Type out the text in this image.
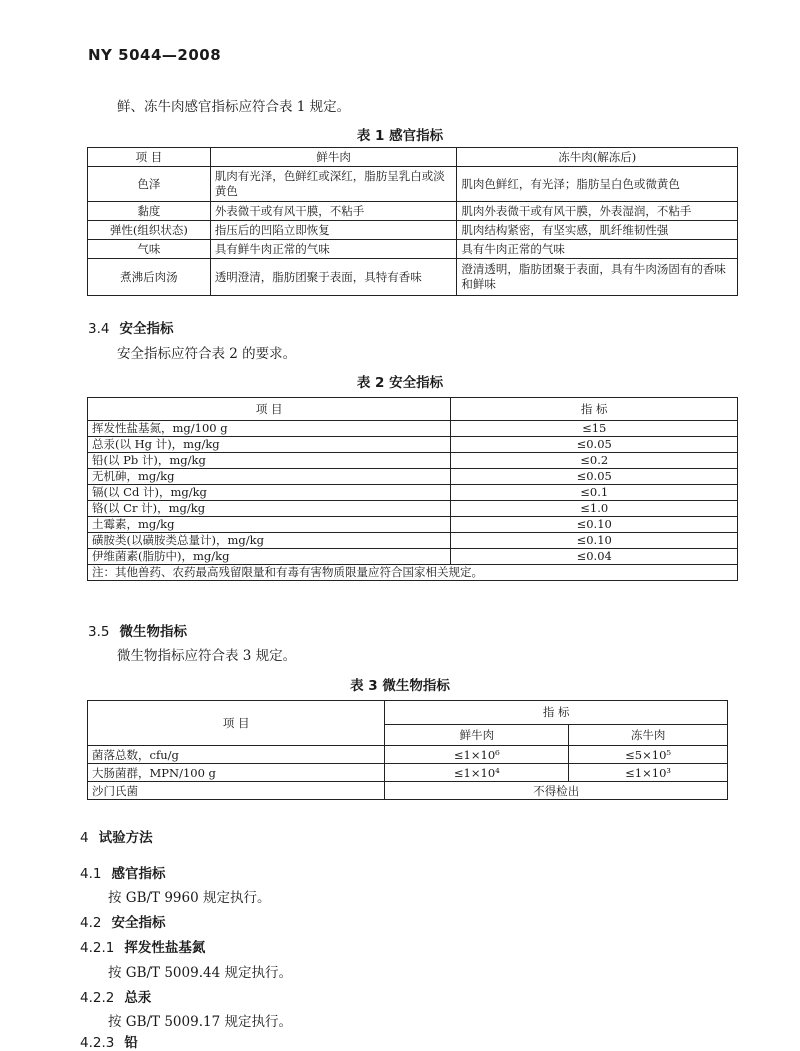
NY 5044—2008
鲜、冻牛肉感官指标应符合表 1 规定。
表 1 感官指标
项 目	鲜牛肉	冻牛肉(解冻后)
色泽	肌肉有光泽，色鲜红或深红，脂肪呈乳白或淡黄色	肌肉色鲜红，有光泽；脂肪呈白色或微黄色
黏度	外表微干或有风干膜，不粘手	肌肉外表微干或有风干膜，外表湿润，不粘手
弹性(组织状态)	指压后的凹陷立即恢复	肌肉结构紧密，有坚实感，肌纤维韧性强
气味	具有鲜牛肉正常的气味	具有牛肉正常的气味
煮沸后肉汤	透明澄清，脂肪团聚于表面，具特有香味	澄清透明，脂肪团聚于表面，具有牛肉汤固有的香味和鲜味
3.4 安全指标
安全指标应符合表 2 的要求。
表 2 安全指标
项 目	指 标
挥发性盐基氮，mg/100 g	≤15
总汞(以 Hg 计)，mg/kg	≤0.05
铅(以 Pb 计)，mg/kg	≤0.2
无机砷，mg/kg	≤0.05
镉(以 Cd 计)，mg/kg	≤0.1
铬(以 Cr 计)，mg/kg	≤1.0
土霉素，mg/kg	≤0.10
磺胺类(以磺胺类总量计)，mg/kg	≤0.10
伊维菌素(脂肪中)，mg/kg	≤0.04
注：其他兽药、农药最高残留限量和有毒有害物质限量应符合国家相关规定。	
3.5 微生物指标
微生物指标应符合表 3 规定。
表 3 微生物指标
项 目	指 标	
	鲜牛肉	冻牛肉
菌落总数，cfu/g	≤1×10⁶	≤5×10⁵
大肠菌群，MPN/100 g	≤1×10⁴	≤1×10³
沙门氏菌	不得检出	
4 试验方法
4.1 感官指标
按 GB/T 9960 规定执行。
4.2 安全指标
4.2.1 挥发性盐基氮
按 GB/T 5009.44 规定执行。
4.2.2 总汞
按 GB/T 5009.17 规定执行。
4.2.3 铅
